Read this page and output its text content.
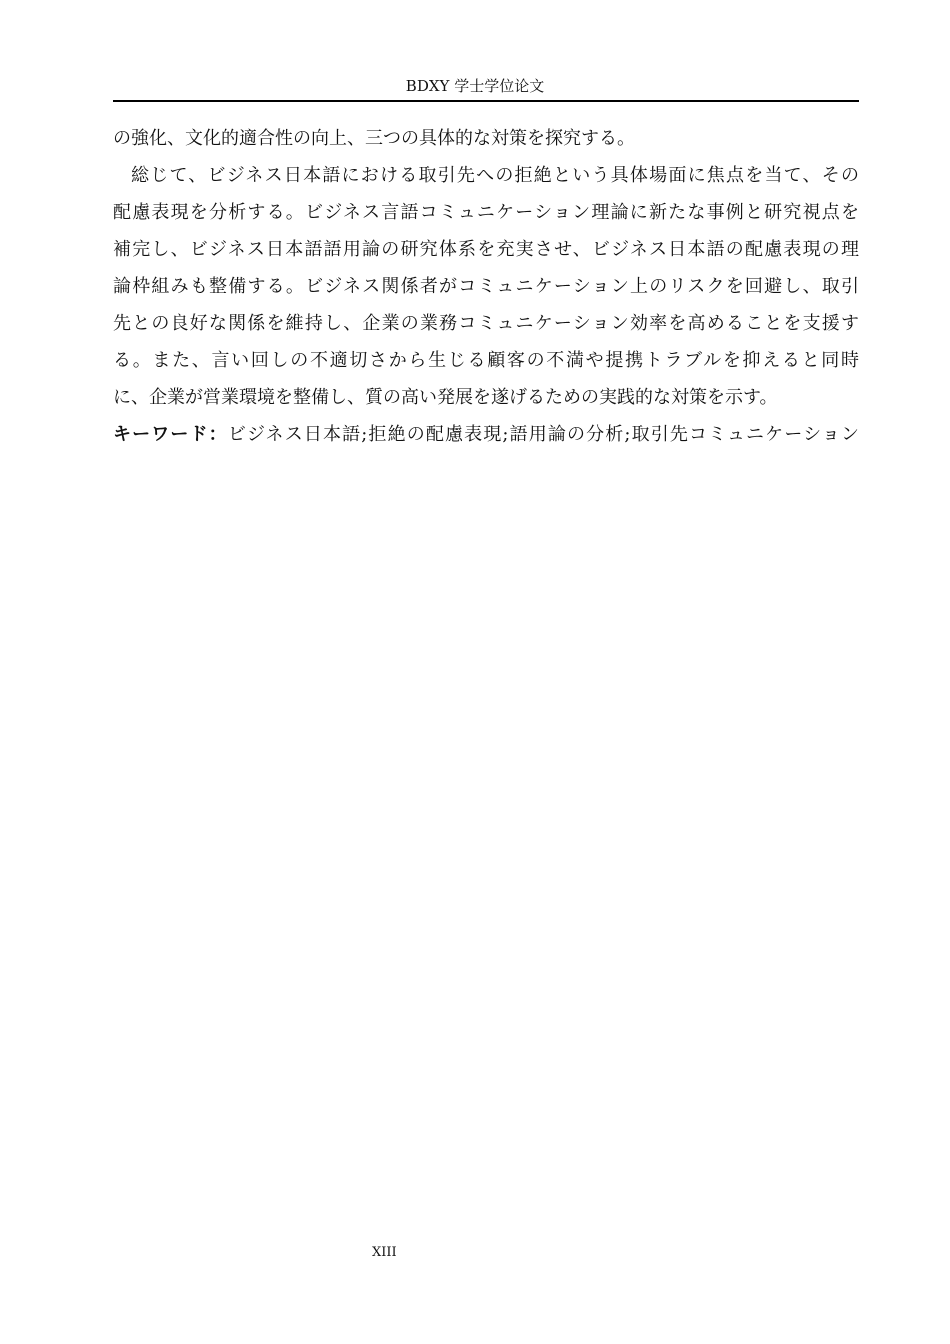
BDXY 学士学位论文
の強化、文化的適合性の向上、三つの具体的な対策を探究する。
総じて、ビジネス日本語における取引先への拒絶という具体場面に焦点を当て、その
配慮表現を分析する。ビジネス言語コミュニケーション理論に新たな事例と研究視点を
補完し、ビジネス日本語語用論の研究体系を充実させ、ビジネス日本語の配慮表現の理
論枠組みも整備する。ビジネス関係者がコミュニケーション上のリスクを回避し、取引
先との良好な関係を維持し、企業の業務コミュニケーション効率を高めることを支援す
る。また、言い回しの不適切さから生じる顧客の不満や提携トラブルを抑えると同時
に、企業が営業環境を整備し、質の高い発展を遂げるための実践的な対策を示す。
キーワード：ビジネス日本語;拒絶の配慮表現;語用論の分析;取引先コミュニケーション
XIII
